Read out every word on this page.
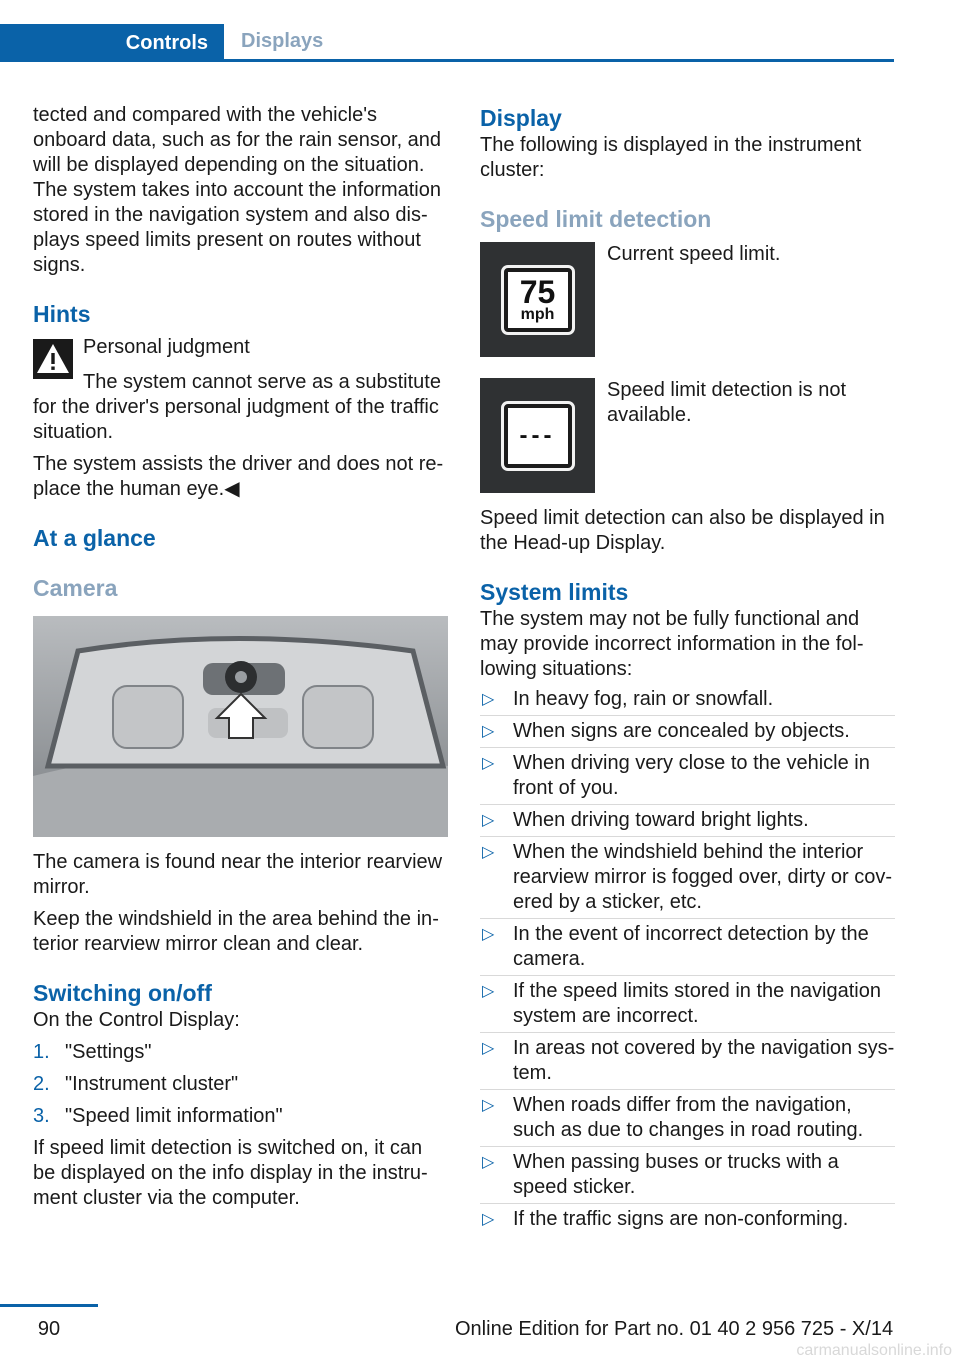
Controls	Displays

tected and compared with the vehicle's onboard data, such as for the rain sensor, and will be displayed depending on the situation. The system takes into account the information stored in the navigation system and also displays speed limits present on routes without signs.

Hints

Personal judgment

The system cannot serve as a substitute for the driver's personal judgment of the traffic situation.

The system assists the driver and does not replace the human eye.◀

At a glance
Camera

The camera is found near the interior rearview mirror.

Keep the windshield in the area behind the interior rearview mirror clean and clear.

Switching on/off

On the Control Display:

1. "Settings"
2. "Instrument cluster"
3. "Speed limit information"

If speed limit detection is switched on, it can be displayed on the info display in the instrument cluster via the computer.

Display

The following is displayed in the instrument cluster:

Speed limit detection
75
mph

Current speed limit.

---

Speed limit detection is not available.

Speed limit detection can also be displayed in the Head-up Display.

System limits

The system may not be fully functional and may provide incorrect information in the following situations:

▷ In heavy fog, rain or snowfall.
▷ When signs are concealed by objects.
▷ When driving very close to the vehicle in front of you.
▷ When driving toward bright lights.
▷ When the windshield behind the interior rearview mirror is fogged over, dirty or covered by a sticker, etc.
▷ In the event of incorrect detection by the camera.
▷ If the speed limits stored in the navigation system are incorrect.
▷ In areas not covered by the navigation system.
▷ When roads differ from the navigation, such as due to changes in road routing.
▷ When passing buses or trucks with a speed sticker.
▷ If the traffic signs are non-conforming.
90	Online Edition for Part no. 01 40 2 956 725 - X/14
carmanualsonline.info
